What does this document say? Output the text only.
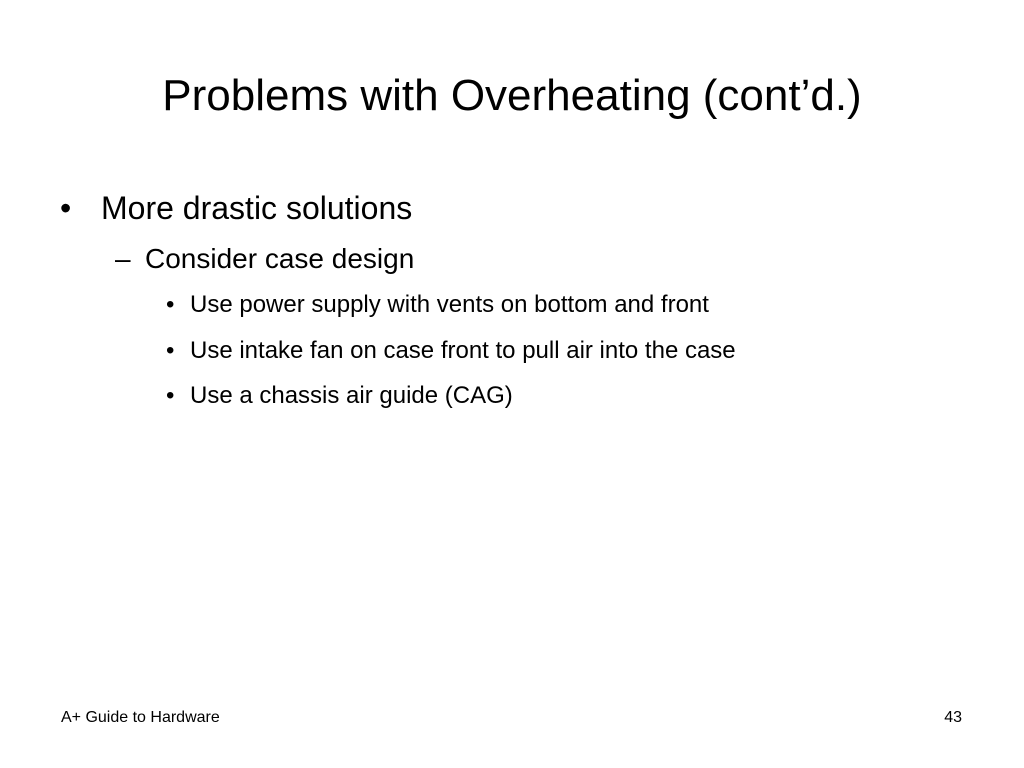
Problems with Overheating (cont’d.)
• More drastic solutions
– Consider case design
• Use power supply with vents on bottom and front
• Use intake fan on case front to pull air into the case
• Use a chassis air guide (CAG)
A+ Guide to Hardware	43
